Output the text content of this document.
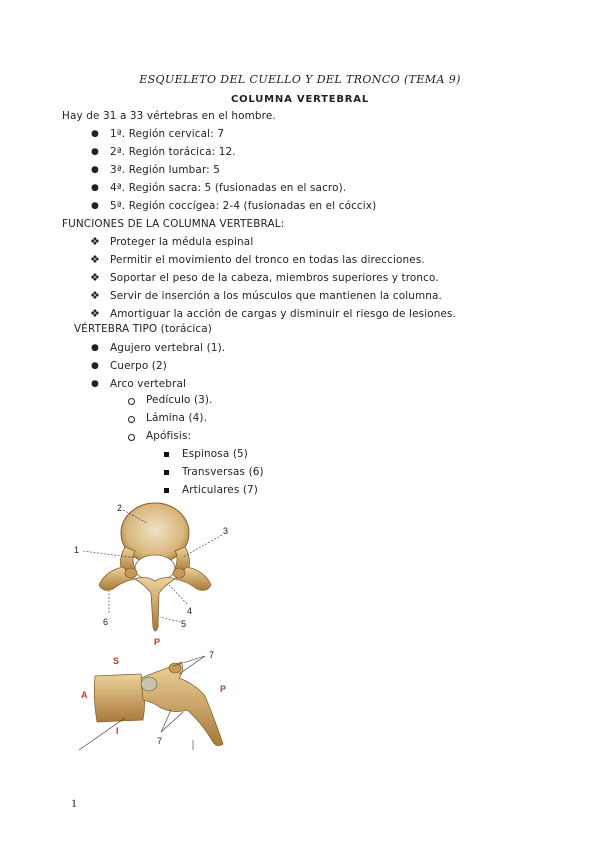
ESQUELETO DEL CUELLO Y DEL TRONCO (TEMA 9)
COLUMNA VERTEBRAL
Hay de 31 a 33 vértebras en el hombre.
● 1ª. Región cervical: 7
● 2ª. Región torácica: 12.
● 3ª. Región lumbar: 5
● 4ª. Región sacra: 5 (fusionadas en el sacro).
● 5ª. Región coccígea: 2-4 (fusionadas en el cóccix)
FUNCIONES DE LA COLUMNA VERTEBRAL:
❖ Proteger la médula espinal
❖ Permitir el movimiento del tronco en todas las direcciones.
❖ Soportar el peso de la cabeza, miembros superiores y tronco.
❖ Servir de inserción a los músculos que mantienen la columna.
❖ Amortiguar la acción de cargas y disminuir el riesgo de lesiones.
VÉRTEBRA TIPO (torácica)
● Agujero vertebral (1).
● Cuerpo (2)
● Arco vertebral
Pedículo (3).
Lámina (4).
Apófisis:
Espinosa (5)
Transversas (6)
Articulares (7)
1
2
3
4
5
6
P
7
7
S
A
P
I
1
